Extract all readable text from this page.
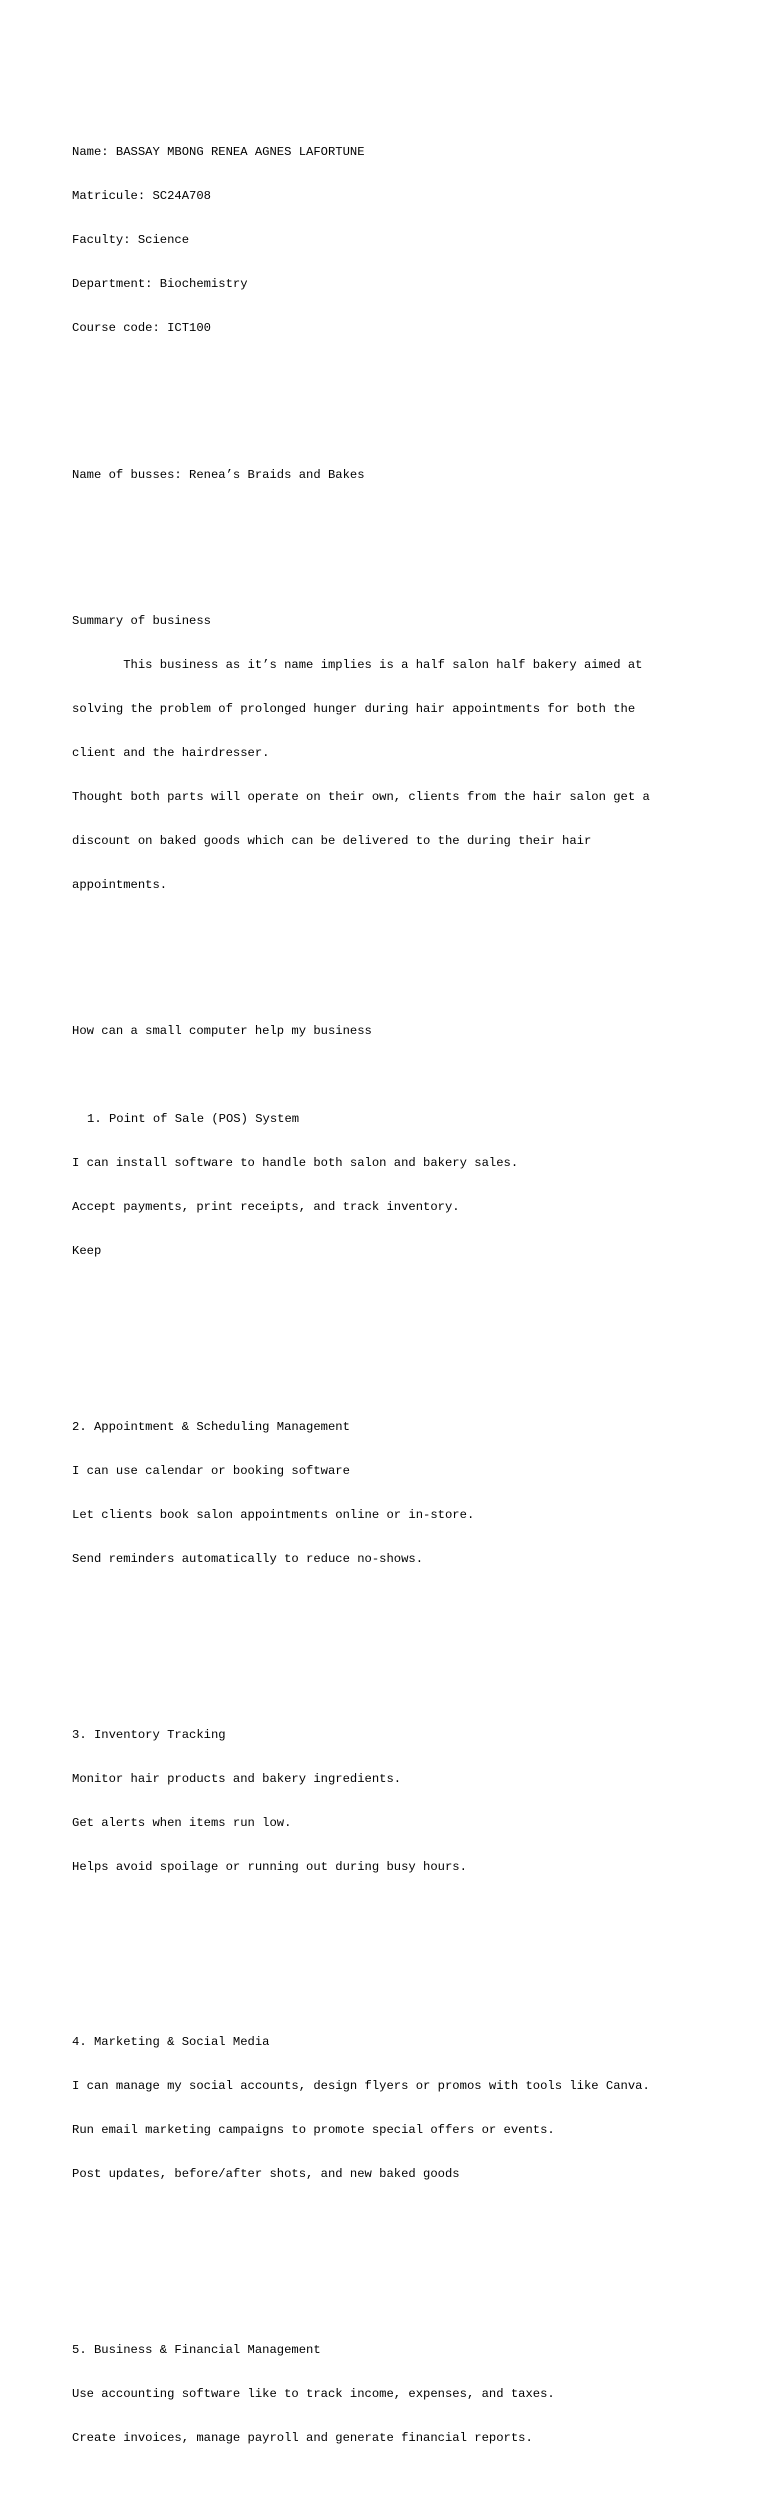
Name: BASSAY MBONG RENEA AGNES LAFORTUNE

Matricule: SC24A708

Faculty: Science

Department: Biochemistry

Course code: ICT100

Name of busses: Renea’s Braids and Bakes

Summary of business

This business as it’s name implies is a half salon half bakery aimed at

solving the problem of prolonged hunger during hair appointments for both the

client and the hairdresser.

Thought both parts will operate on their own, clients from the hair salon get a

discount on baked goods which can be delivered to the during their hair

appointments.

How can a small computer help my business

1. Point of Sale (POS) System

I can install software to handle both salon and bakery sales.

Accept payments, print receipts, and track inventory.

Keep

2. Appointment & Scheduling Management

I can use calendar or booking software

Let clients book salon appointments online or in-store.

Send reminders automatically to reduce no-shows.

3. Inventory Tracking

Monitor hair products and bakery ingredients.

Get alerts when items run low.

Helps avoid spoilage or running out during busy hours.

4. Marketing & Social Media

I can manage my social accounts, design flyers or promos with tools like Canva.

Run email marketing campaigns to promote special offers or events.

Post updates, before/after shots, and new baked goods

5. Business & Financial Management

Use accounting software like to track income, expenses, and taxes.

Create invoices, manage payroll and generate financial reports.
